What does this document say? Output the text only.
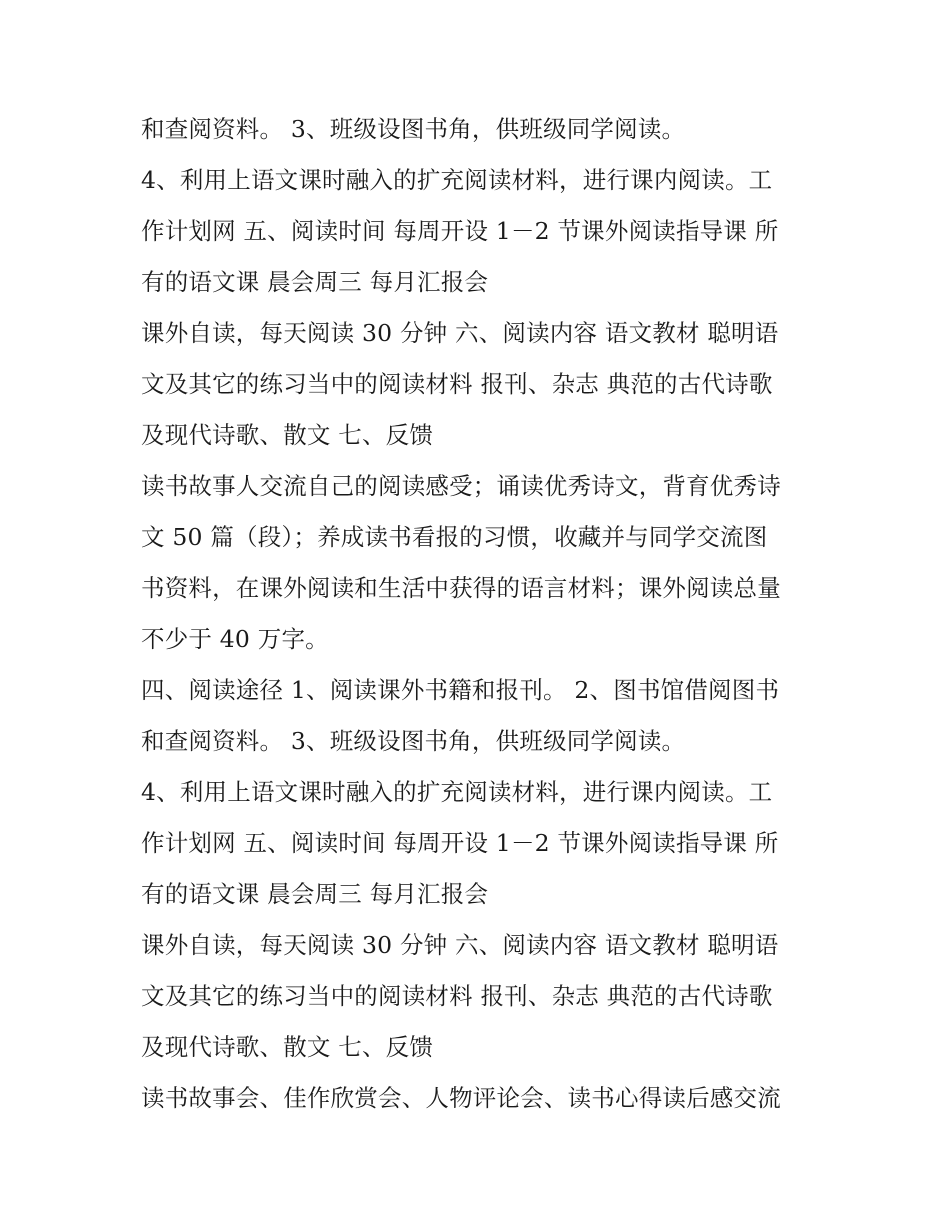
和查阅资料。 3、班级设图书角，供班级同学阅读。
4、利用上语文课时融入的扩充阅读材料，进行课内阅读。工
作计划网 五、阅读时间 每周开设 1－2 节课外阅读指导课 所
有的语文课 晨会周三 每月汇报会
课外自读，每天阅读 30 分钟 六、阅读内容 语文教材 聪明语
文及其它的练习当中的阅读材料 报刊、杂志 典范的古代诗歌
及现代诗歌、散文 七、反馈
读书故事人交流自己的阅读感受；诵读优秀诗文，背育优秀诗
文 50 篇（段）；养成读书看报的习惯，收藏并与同学交流图
书资料，在课外阅读和生活中获得的语言材料；课外阅读总量
不少于 40 万字。
四、阅读途径 1、阅读课外书籍和报刊。 2、图书馆借阅图书
和查阅资料。 3、班级设图书角，供班级同学阅读。
4、利用上语文课时融入的扩充阅读材料，进行课内阅读。工
作计划网 五、阅读时间 每周开设 1－2 节课外阅读指导课 所
有的语文课 晨会周三 每月汇报会
课外自读，每天阅读 30 分钟 六、阅读内容 语文教材 聪明语
文及其它的练习当中的阅读材料 报刊、杂志 典范的古代诗歌
及现代诗歌、散文 七、反馈
读书故事会、佳作欣赏会、人物评论会、读书心得读后感交流
